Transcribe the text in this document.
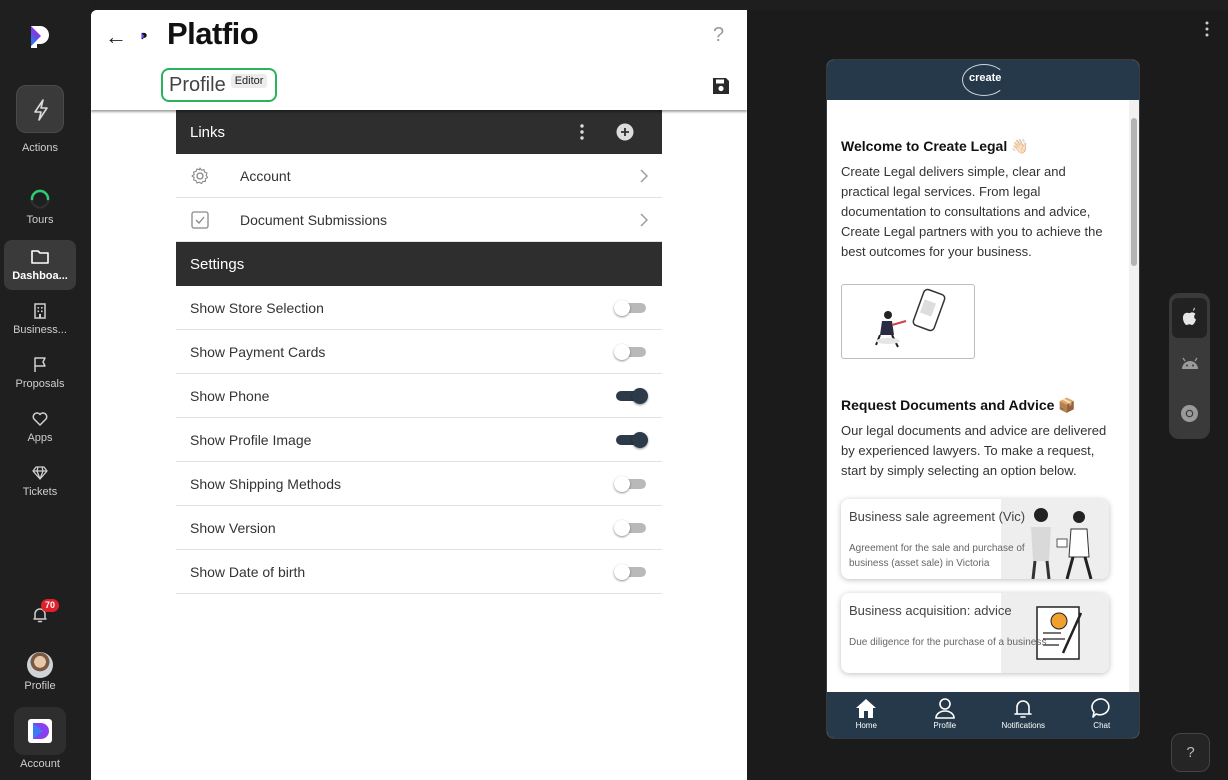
Actions
Tours
Dashboa...
Business...
Proposals
Apps
Tickets
70
Profile
Account
← Platfio	?
Profile Editor
Links
Account
Document Submissions
Settings
Show Store Selection
Show Payment Cards
Show Phone
Show Profile Image
Show Shipping Methods
Show Version
Show Date of birth
create
Welcome to Create Legal 👋🏻

Create Legal delivers simple, clear and practical legal services. From legal documentation to consultations and advice, Create Legal partners with you to achieve the best outcomes for your business.

Request Documents and Advice 📦

Our legal documents and advice are delivered by experienced lawyers. To make a request, start by simply selecting an option below.

Business sale agreement (Vic)
Agreement for the sale and purchase of business (asset sale) in Victoria
Business acquisition: advice
Due diligence for the purchase of a business
Home	Profile	Notifications	Chat
?
